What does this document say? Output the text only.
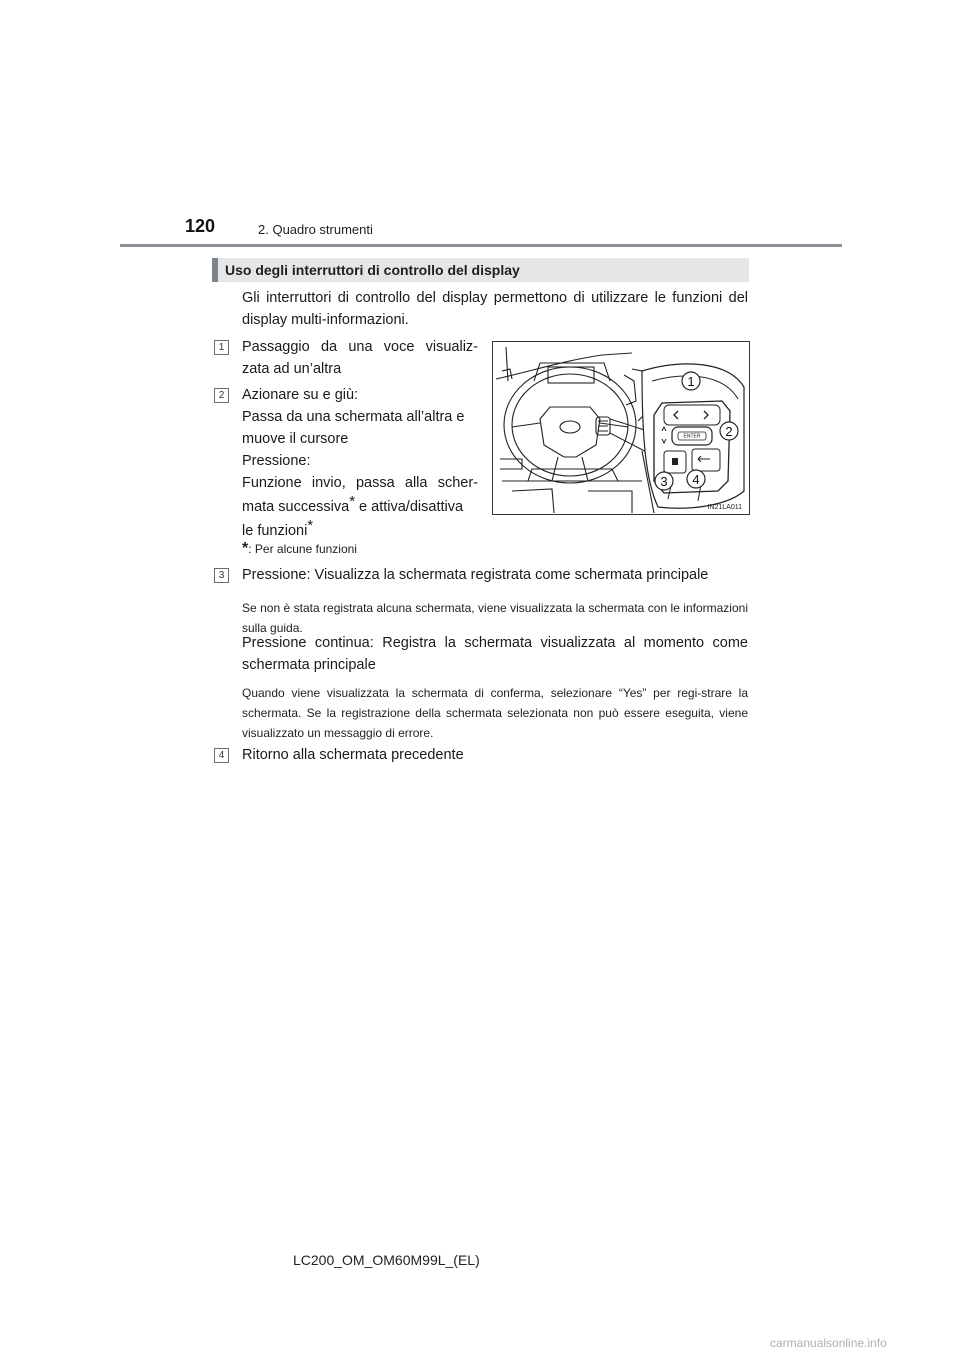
120	2. Quadro strumenti
Uso degli interruttori di controllo del display
Gli interruttori di controllo del display permettono di utilizzare le funzioni del display multi-informazioni.
1	Passaggio da una voce visualiz-
zata ad un’altra
2	Azionare su e giù:
Passa da una schermata all’altra e
muove il cursore
Pressione:
Funzione invio, passa alla scher-
mata successiva* e attiva/disattiva
le funzioni*
*: Per alcune funzioni
3	Pressione: Visualizza la schermata registrata come schermata principale
Se non è stata registrata alcuna schermata, viene visualizzata la schermata con le informazioni sulla guida.
Pressione continua: Registra la schermata visualizzata al momento come schermata principale
Quando viene visualizzata la schermata di conferma, selezionare “Yes” per regi-strare la schermata. Se la registrazione della schermata selezionata non può essere eseguita, viene visualizzato un messaggio di errore.
4	Ritorno alla schermata precedente
ENTER
1
2
3 4
IN21LA011
LC200_OM_OM60M99L_(EL)
carmanualsonline.info
